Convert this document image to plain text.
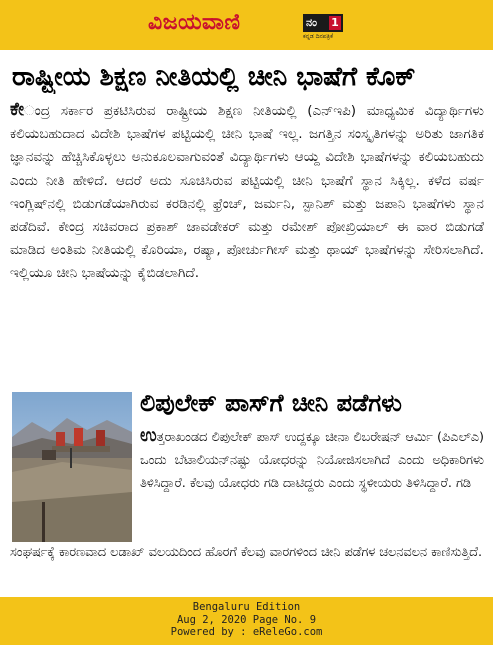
ವಿಜಯವಾಣಿ	ನಂ 1
ಕನ್ನಡ ದಿನಪತ್ರಿಕೆ
ರಾಷ್ಟ್ರೀಯ ಶಿಕ್ಷಣ ನೀತಿಯಲ್ಲಿ ಚೀನಿ ಭಾಷೆಗೆ ಕೊಕ್

ಕೇಂದ್ರ ಸರ್ಕಾರ ಪ್ರಕಟಿಸಿರುವ ರಾಷ್ಟ್ರೀಯ ಶಿಕ್ಷಣ ನೀತಿಯಲ್ಲಿ (ಎನ್‌ಇಪಿ) ಮಾಧ್ಯಮಿಕ ವಿದ್ಯಾರ್ಥಿಗಳು ಕಲಿಯಬಹುದಾದ ವಿದೇಶಿ ಭಾಷೆಗಳ ಪಟ್ಟಿಯಲ್ಲಿ ಚೀನಿ ಭಾಷೆ ಇಲ್ಲ. ಜಗತ್ತಿನ ಸಂಸ್ಕೃತಿಗಳನ್ನು ಅರಿತು ಜಾಗತಿಕ ಜ್ಞಾನವನ್ನು ಹೆಚ್ಚಿಸಿಕೊಳ್ಳಲು ಅನುಕೂಲವಾಗುವಂತೆ ವಿದ್ಯಾರ್ಥಿಗಳು ಆಯ್ದ ವಿದೇಶಿ ಭಾಷೆಗಳನ್ನು ಕಲಿಯಬಹುದು ಎಂದು ನೀತಿ ಹೇಳಿದೆ. ಆದರೆ ಅದು ಸೂಚಿಸಿರುವ ಪಟ್ಟಿಯಲ್ಲಿ ಚೀನಿ ಭಾಷೆಗೆ ಸ್ಥಾನ ಸಿಕ್ಕಿಲ್ಲ. ಕಳೆದ ವರ್ಷ ಇಂಗ್ಲಿಷ್‌ನಲ್ಲಿ ಬಿಡುಗಡೆಯಾಗಿರುವ ಕರಡಿನಲ್ಲಿ ಫ್ರೆಂಚ್, ಜರ್ಮನಿ, ಸ್ಪಾನಿಶ್ ಮತ್ತು ಜಪಾನಿ ಭಾಷೆಗಳು ಸ್ಥಾನ ಪಡೆದಿವೆ. ಕೇಂದ್ರ ಸಚಿವರಾದ ಪ್ರಕಾಶ್ ಜಾವಡೇಕರ್ ಮತ್ತು ರಮೇಶ್ ಪೋಖ್ರಿಯಾಲ್ ಈ ವಾರ ಬಿಡುಗಡೆ ಮಾಡಿದ ಅಂತಿಮ ನೀತಿಯಲ್ಲಿ ಕೊರಿಯಾ, ರಷ್ಯಾ, ಪೋರ್ಚುಗೀಸ್ ಮತ್ತು ಥಾಯ್ ಭಾಷೆಗಳನ್ನು ಸೇರಿಸಲಾಗಿದೆ. ಇಲ್ಲಿಯೂ ಚೀನಿ ಭಾಷೆಯನ್ನು ಕೈಬಿಡಲಾಗಿದೆ.

ಲಿಪುಲೇಕ್ ಪಾಸ್‌ಗೆ ಚೀನಿ ಪಡೆಗಳು

ಉತ್ತರಾಖಂಡದ ಲಿಪುಲೇಕ್ ಪಾಸ್ ಉದ್ದಕ್ಕೂ ಚೀನಾ ಲಿಬರೇಷನ್ ಆರ್ಮಿ (ಪಿಎಲ್‌ಎ) ಒಂದು ಬೆಟಾಲಿಯನ್‌ನಷ್ಟು ಯೋಧರನ್ನು ನಿಯೋಜಿಸಲಾಗಿದೆ ಎಂದು ಅಧಿಕಾರಿಗಳು ತಿಳಿಸಿದ್ದಾರೆ. ಕೆಲವು ಯೋಧರು ಗಡಿ ದಾಟಿದ್ದರು ಎಂದು ಸ್ಥಳೀಯರು ತಿಳಿಸಿದ್ದಾರೆ. ಗಡಿ

ಸಂಘರ್ಷಕ್ಕೆ ಕಾರಣವಾದ ಲಡಾಖ್ ವಲಯದಿಂದ ಹೊರಗೆ ಕೆಲವು ವಾರಗಳಿಂದ ಚೀನಿ ಪಡೆಗಳ ಚಲನವಲನ ಕಾಣಿಸುತ್ತಿದೆ.

Bengaluru Edition
Aug 2, 2020 Page No. 9
Powered by : eReleGo.com
